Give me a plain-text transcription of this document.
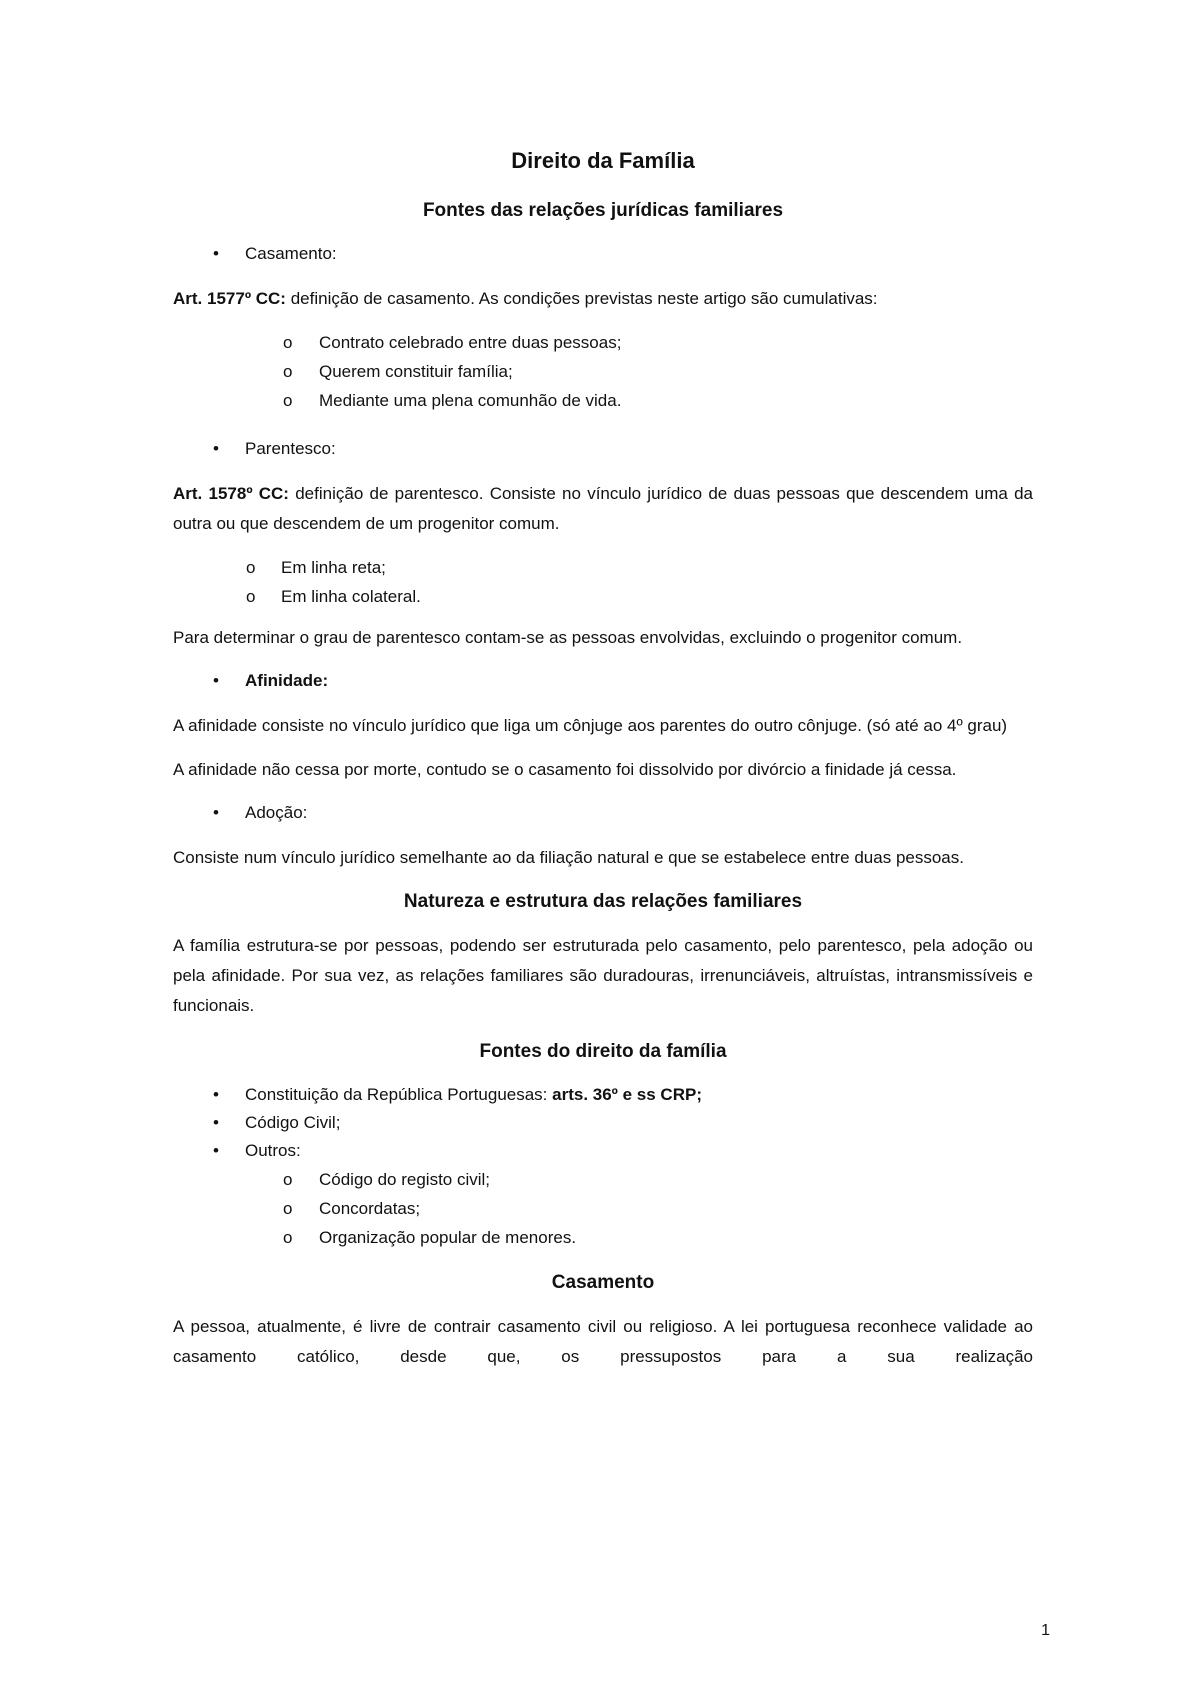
Direito da Família
Fontes das relações jurídicas familiares
• Casamento:

Art. 1577º CC: definição de casamento. As condições previstas neste artigo são cumulativas:

o Contrato celebrado entre duas pessoas;
o Querem constituir família;
o Mediante uma plena comunhão de vida.
• Parentesco:

Art. 1578º CC: definição de parentesco. Consiste no vínculo jurídico de duas pessoas que descendem uma da outra ou que descendem de um progenitor comum.

o Em linha reta;
o Em linha colateral.

Para determinar o grau de parentesco contam-se as pessoas envolvidas, excluindo o progenitor comum.

• Afinidade:

A afinidade consiste no vínculo jurídico que liga um cônjuge aos parentes do outro cônjuge. (só até ao 4º grau)

A afinidade não cessa por morte, contudo se o casamento foi dissolvido por divórcio a finidade já cessa.

• Adoção:

Consiste num vínculo jurídico semelhante ao da filiação natural e que se estabelece entre duas pessoas.

Natureza e estrutura das relações familiares

A família estrutura-se por pessoas, podendo ser estruturada pelo casamento, pelo parentesco, pela adoção ou pela afinidade. Por sua vez, as relações familiares são duradouras, irrenunciáveis, altruístas, intransmissíveis e funcionais.

Fontes do direito da família
• Constituição da República Portuguesas: arts. 36º e ss CRP;
• Código Civil;
• Outros:
o Código do registo civil;
o Concordatas;
o Organização popular de menores.
Casamento

A pessoa, atualmente, é livre de contrair casamento civil ou religioso. A lei portuguesa reconhece validade ao casamento católico, desde que, os pressupostos para a sua realização

1
